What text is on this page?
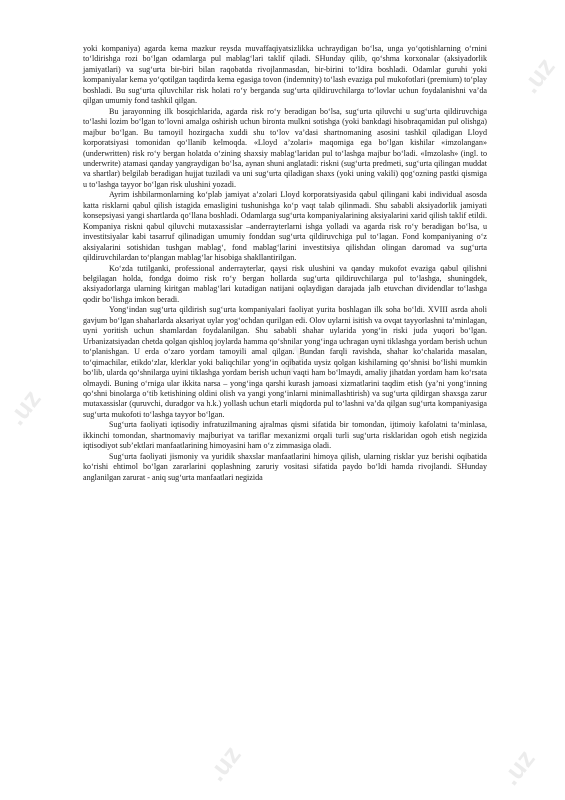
.uz
.uz
.uz
.uz	.uz

yoki kompaniya) agarda kema mazkur reysda muvaffaqiyatsizlikka uchraydigan bo‘lsa, unga yo‘qotishlarning o‘rnini to‘ldirishga rozi bo‘lgan odamlarga pul mablag‘lari taklif qiladi. SHunday qilib, qo‘shma korxonalar (aksiyadorlik jamiyatlari) va sug‘urta bir-biri bilan raqobatda rivojlanmasdan, bir-birini to‘ldira boshladi. Odamlar guruhi yoki kompaniyalar kema yo‘qotilgan taqdirda kemа egasiga tovon (indemnity) to‘lash evaziga pul mukofotlari (premium) to‘play boshladi. Bu sug‘urta qiluvchilar risk holati ro‘y berganda sug‘urta qildiruvchilarga to‘lovlar uchun foydalanishni va’da qilgan umumiy fond tashkil qilgan.

Bu jarayonning ilk bosqichlarida, agarda risk ro‘y beradigan bo‘lsa, sug‘urta qiluvchi u sug‘urta qildiruvchiga to‘lashi lozim bo‘lgan to‘lovni amalga oshirish uchun bironta mulkni sotishga (yoki bankdagi hisobraqamidan pul olishga) majbur bo‘lgan. Bu tamoyil hozirgacha xuddi shu to‘lov va’dasi shartnomaning asosini tashkil qiladigan Lloyd korporatsiyasi tomonidan qo‘llanib kelmoqda. «Lloyd a’zolari» maqomiga ega bo‘lgan kishilar «imzolangan» (underwritten) risk ro‘y bergan holatda o‘zining shaxsiy mablag‘laridan pul to‘lashga majbur bo‘ladi. «Imzolash» (ingl. to underwrite) atamasi qanday yangraydigan bo‘lsa, aynan shuni anglatadi: riskni (sug‘urta predmeti, sug‘urta qilingan muddat va shartlar) belgilab beradigan hujjat tuziladi va uni sug‘urta qiladigan shaxs (yoki uning vakili) qog‘ozning pastki qismiga u to‘lashga tayyor bo‘lgan risk ulushini yozadi.

Ayrim ishbilarmonlarning ko‘plab jamiyat a’zolari Lloyd korporatsiyasida qabul qilingani kabi individual asosda katta risklarni qabul qilish istagida emasligini tushunishga ko‘p vaqt talab qilinmadi. Shu sababli aksiyadorlik jamiyati konsepsiyasi yangi shartlarda qo‘llana boshladi. Odamlarga sug‘urta kompaniyalarining aksiyalarini xarid qilish taklif etildi. Kompaniya riskni qabul qiluvchi mutaxassislar –anderrayterlarni ishga yolladi va agarda risk ro‘y beradigan bo‘lsa, u investitsiyalar kabi tasarruf qilinadigan umumiy fonddan sug‘urta qildiruvchiga pul to‘lagan. Fond kompaniyaning o‘z aksiyalarini sotishidan tushgan mablag‘, fond mablag‘larini investitsiya qilishdan olingan daromad va sug‘urta qildiruvchilardan to‘plangan mablag‘lar hisobiga shakllantirilgan.

Ko‘zda tutilganki, professional anderrayterlar, qaysi risk ulushini va qanday mukofot evaziga qabul qilishni belgilagan holda, fondga doimo risk ro‘y bergan hollarda sug‘urta qildiruvchilarga pul to‘lashga, shuningdek, aksiyadorlarga ularning kiritgan mablag‘lari kutadigan natijani oqlaydigan darajada jalb etuvchan dividendlar to‘lashga qodir bo‘lishga imkon beradi.

Yong‘indan sug‘urta qildirish sug‘urta kompaniyalari faoliyat yurita boshlagan ilk soha bo‘ldi. XVIII asrda aholi gavjum bo‘lgan shaharlarda aksariyat uylar yog‘ochdan qurilgan edi. Olov uylarni isitish va ovqat tayyorlashni ta’minlagan, uyni yoritish uchun shamlardan foydalanilgan. Shu sababli shahar uylarida yong‘in riski juda yuqori bo‘lgan. Urbanizatsiyadan chetda qolgan qishloq joylarda hamma qo‘shnilar yong‘inga uchragan uyni tiklashga yordam berish uchun to‘planishgan. U erda o‘zaro yordam tamoyili amal qilgan. Bundan farqli ravishda, shahar ko‘chalarida masalan, to‘qimachilar, etikdo‘zlar, klerklar yoki baliqchilar yong‘in oqibatida uysiz qolgan kishilarning qo‘shnisi bo‘lishi mumkin bo‘lib, ularda qo‘shnilarga uyini tiklashga yordam berish uchun vaqti ham bo‘lmaydi, amaliy jihatdan yordam ham ko‘rsata olmaydi. Buning o‘rniga ular ikkita narsa – yong‘inga qarshi kurash jamoasi xizmatlarini taqdim etish (ya’ni yong‘inning qo‘shni binolarga o‘tib ketishining oldini olish va yangi yong‘inlarni minimallashtirish) va sug‘urta qildirgan shaxsga zarur mutaxassislar (quruvchi, duradgor va h.k.) yollash uchun etarli miqdorda pul to‘lashni va’da qilgan sug‘urta kompaniyasiga sug‘urta mukofoti to‘lashga tayyor bo‘lgan.

Sug‘urta faoliyati iqtisodiy infratuzilmaning ajralmas qismi sifatida bir tomondan, ijtimoiy kafolatni ta’minlasa, ikkinchi tomondan, shartnomaviy majburiyat va tariflar mexanizmi orqali turli sug‘urta risklaridan ogoh etish negizida iqtisodiyot sub’ektlari manfaatlarining himoyasini ham o‘z zimmasiga oladi.

Sug‘urta faoliyati jismoniy va yuridik shaxslar manfaatlarini himoya qilish, ularning risklar yuz berishi oqibatida ko‘rishi ehtimol bo‘lgan zararlarini qoplashning zaruriy vositasi sifatida paydo bo‘ldi hamda rivojlandi. SHunday anglanilgan zarurat - aniq sug‘urta manfaatlari negizida
